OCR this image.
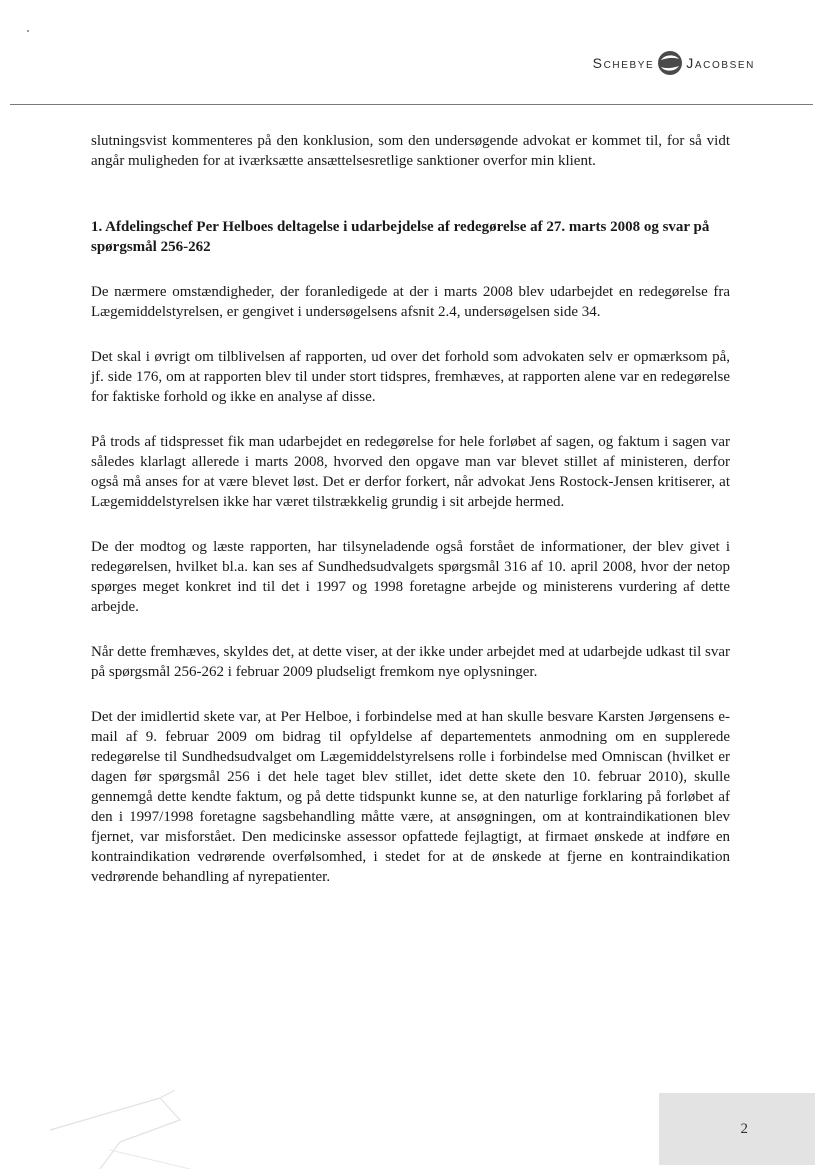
Schebye Jacobsen

slutningsvist kommenteres på den konklusion, som den undersøgende advokat er kommet til, for så vidt angår muligheden for at iværksætte ansættelsesretlige sanktioner overfor min klient.

1. Afdelingschef Per Helboes deltagelse i udarbejdelse af redegørelse af 27. marts 2008 og svar på spørgsmål 256-262

De nærmere omstændigheder, der foranledigede at der i marts 2008 blev udarbejdet en redegørelse fra Lægemiddelstyrelsen, er gengivet i undersøgelsens afsnit 2.4, undersøgelsen side 34.

Det skal i øvrigt om tilblivelsen af rapporten, ud over det forhold som advokaten selv er opmærksom på, jf. side 176, om at rapporten blev til under stort tidspres, fremhæves, at rapporten alene var en redegørelse for faktiske forhold og ikke en analyse af disse.

På trods af tidspresset fik man udarbejdet en redegørelse for hele forløbet af sagen, og faktum i sagen var således klarlagt allerede i marts 2008, hvorved den opgave man var blevet stillet af ministeren, derfor også må anses for at være blevet løst. Det er derfor forkert, når advokat Jens Rostock-Jensen kritiserer, at Lægemiddelstyrelsen ikke har været tilstrækkelig grundig i sit arbejde hermed.

De der modtog og læste rapporten, har tilsyneladende også forstået de informationer, der blev givet i redegørelsen, hvilket bl.a. kan ses af Sundhedsudvalgets spørgsmål 316 af 10. april 2008, hvor der netop spørges meget konkret ind til det i 1997 og 1998 foretagne arbejde og ministerens vurdering af dette arbejde.

Når dette fremhæves, skyldes det, at dette viser, at der ikke under arbejdet med at udarbejde udkast til svar på spørgsmål 256-262 i februar 2009 pludseligt fremkom nye oplysninger.

Det der imidlertid skete var, at Per Helboe, i forbindelse med at han skulle besvare Karsten Jørgensens e-mail af 9. februar 2009 om bidrag til opfyldelse af departementets anmodning om en supplerede redegørelse til Sundhedsudvalget om Lægemiddelstyrelsens rolle i forbindelse med Omniscan (hvilket er dagen før spørgsmål 256 i det hele taget blev stillet, idet dette skete den 10. februar 2010), skulle gennemgå dette kendte faktum, og på dette tidspunkt kunne se, at den naturlige forklaring på forløbet af den i 1997/1998 foretagne sagsbehandling måtte være, at ansøgningen, om at kontraindikationen blev fjernet, var misforstået. Den medicinske assessor opfattede fejlagtigt, at firmaet ønskede at indføre en kontraindikation vedrørende overfølsomhed, i stedet for at de ønskede at fjerne en kontraindikation vedrørende behandling af nyrepatienter.

2
